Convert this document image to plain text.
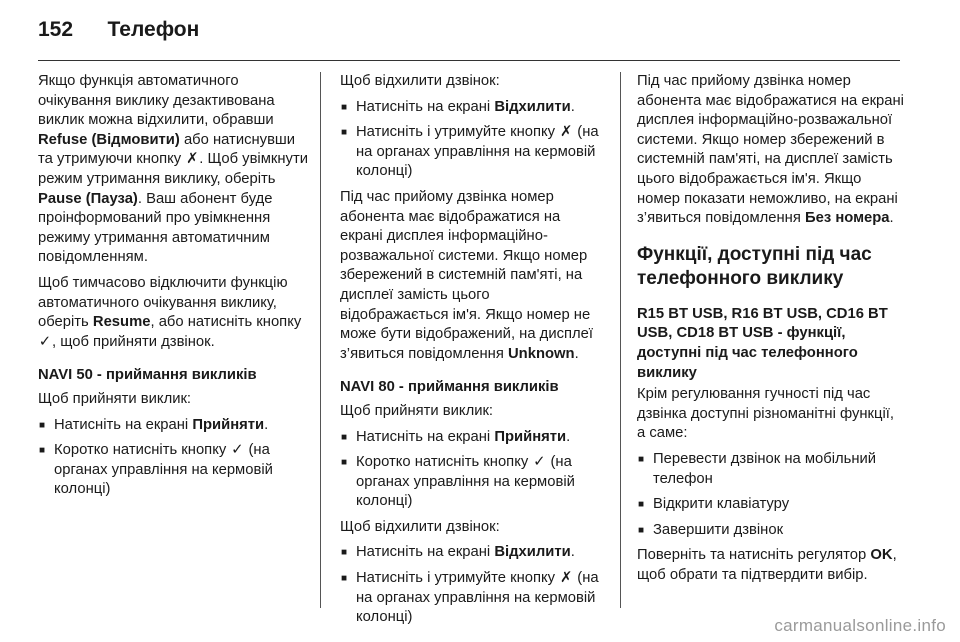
152 Телефон

Якщо функція автоматичного очікування виклику дезактивована виклик можна відхилити, обравши Refuse (Відмовити) або натиснувши та утримуючи кнопку ✗. Щоб увімкнути режим утримання виклику, оберіть Pause (Пауза). Ваш абонент буде проінформований про увімкнення режиму утримання автоматичним повідомленням.

Щоб тимчасово відключити функцію автоматичного очікування виклику, оберіть Resume, або натисніть кнопку ✓, щоб прийняти дзвінок.

NAVI 50 - приймання викликів

Щоб прийняти виклик:

■ Натисніть на екрані Прийняти.
■ Коротко натисніть кнопку ✓ (на органах управління на кермовій колонці)

Щоб відхилити дзвінок:

■ Натисніть на екрані Відхилити.
■ Натисніть і утримуйте кнопку ✗ (на на органах управління на кермовій колонці)

Під час прийому дзвінка номер абонента має відображатися на екрані дисплея інформаційно-розважальної системи. Якщо номер збережений в системній пам'яті, на дисплеї замість цього відображається ім'я. Якщо номер не може бути відображений, на дисплеї з’явиться повідомлення Unknown.

NAVI 80 - приймання викликів

Щоб прийняти виклик:

■ Натисніть на екрані Прийняти.
■ Коротко натисніть кнопку ✓ (на органах управління на кермовій колонці)

Щоб відхилити дзвінок:

■ Натисніть на екрані Відхилити.
■ Натисніть і утримуйте кнопку ✗ (на на органах управління на кермовій колонці)

Під час прийому дзвінка номер абонента має відображатися на екрані дисплея інформаційно-розважальної системи. Якщо номер збережений в системній пам'яті, на дисплеї замість цього відображається ім'я. Якщо номер показати неможливо, на екрані з’явиться повідомлення Без номера.

Функції, доступні під час телефонного виклику
R15 BT USB, R16 BT USB, CD16 BT USB, CD18 BT USB - функції, доступні під час телефонного виклику

Крім регулювання гучності під час дзвінка доступні різноманітні функції, а саме:

■ Перевести дзвінок на мобільний телефон
■ Відкрити клавіатуру
■ Завершити дзвінок

Поверніть та натисніть регулятор OK, щоб обрати та підтвердити вибір.

carmanualsonline.info
